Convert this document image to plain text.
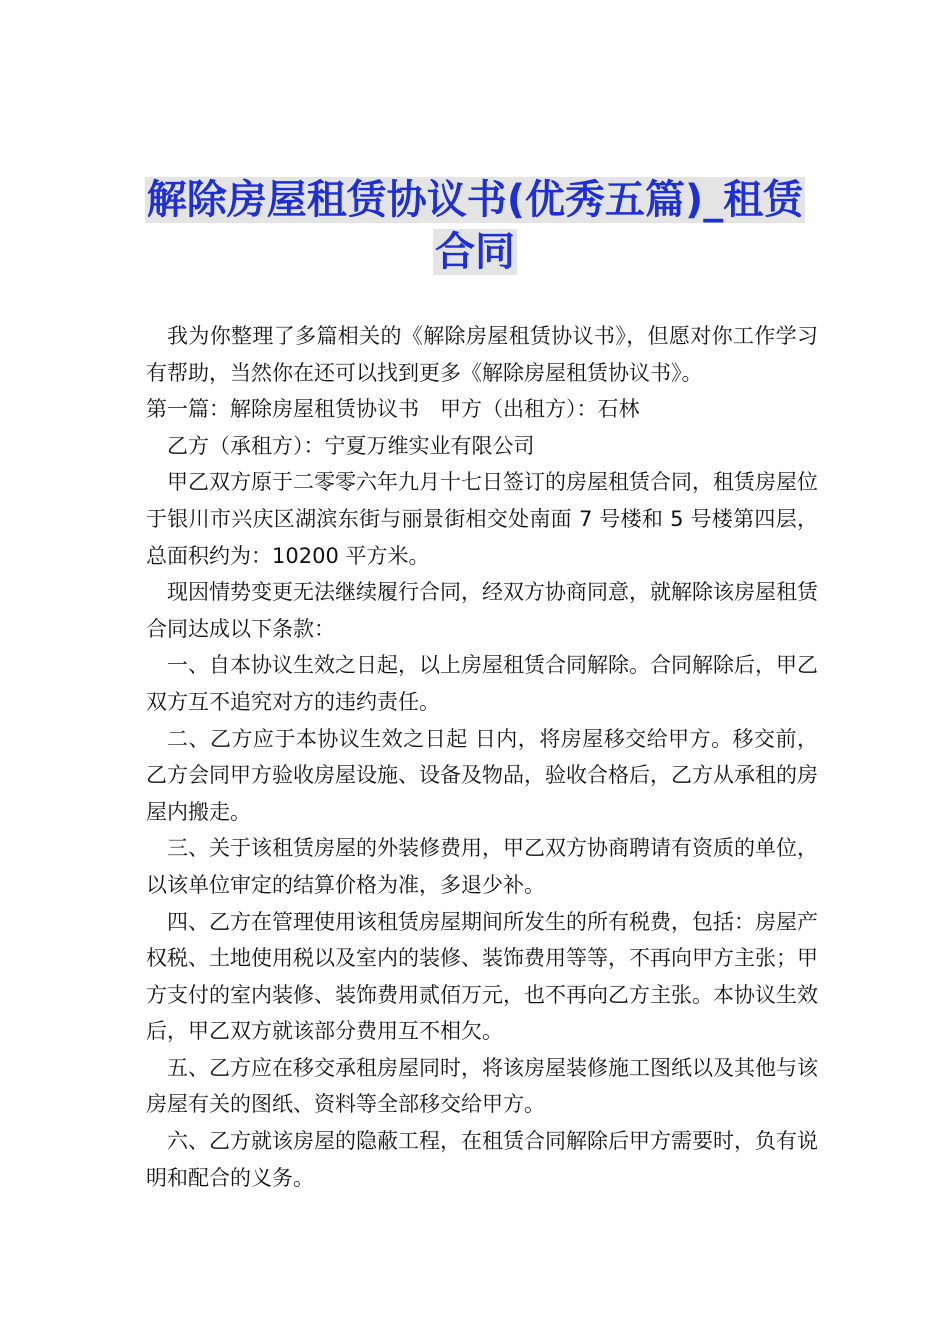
解除房屋租赁协议书(优秀五篇)_租赁
合同

我为你整理了多篇相关的《解除房屋租赁协议书》，但愿对你工作学习有帮助，当然你在还可以找到更多《解除房屋租赁协议书》。

第一篇：解除房屋租赁协议书　甲方（出租方）：石林

乙方（承租方）：宁夏万维实业有限公司

甲乙双方原于二零零六年九月十七日签订的房屋租赁合同，租赁房屋位于银川市兴庆区湖滨东街与丽景街相交处南面 7 号楼和 5 号楼第四层，总面积约为：10200 平方米。

现因情势变更无法继续履行合同，经双方协商同意，就解除该房屋租赁合同达成以下条款：

一、自本协议生效之日起，以上房屋租赁合同解除。合同解除后，甲乙双方互不追究对方的违约责任。

二、乙方应于本协议生效之日起 日内，将房屋移交给甲方。移交前，乙方会同甲方验收房屋设施、设备及物品，验收合格后，乙方从承租的房屋内搬走。

三、关于该租赁房屋的外装修费用，甲乙双方协商聘请有资质的单位，以该单位审定的结算价格为准，多退少补。

四、乙方在管理使用该租赁房屋期间所发生的所有税费，包括：房屋产权税、土地使用税以及室内的装修、装饰费用等等，不再向甲方主张；甲方支付的室内装修、装饰费用贰佰万元，也不再向乙方主张。本协议生效后，甲乙双方就该部分费用互不相欠。

五、乙方应在移交承租房屋同时，将该房屋装修施工图纸以及其他与该房屋有关的图纸、资料等全部移交给甲方。

六、乙方就该房屋的隐蔽工程，在租赁合同解除后甲方需要时，负有说明和配合的义务。
